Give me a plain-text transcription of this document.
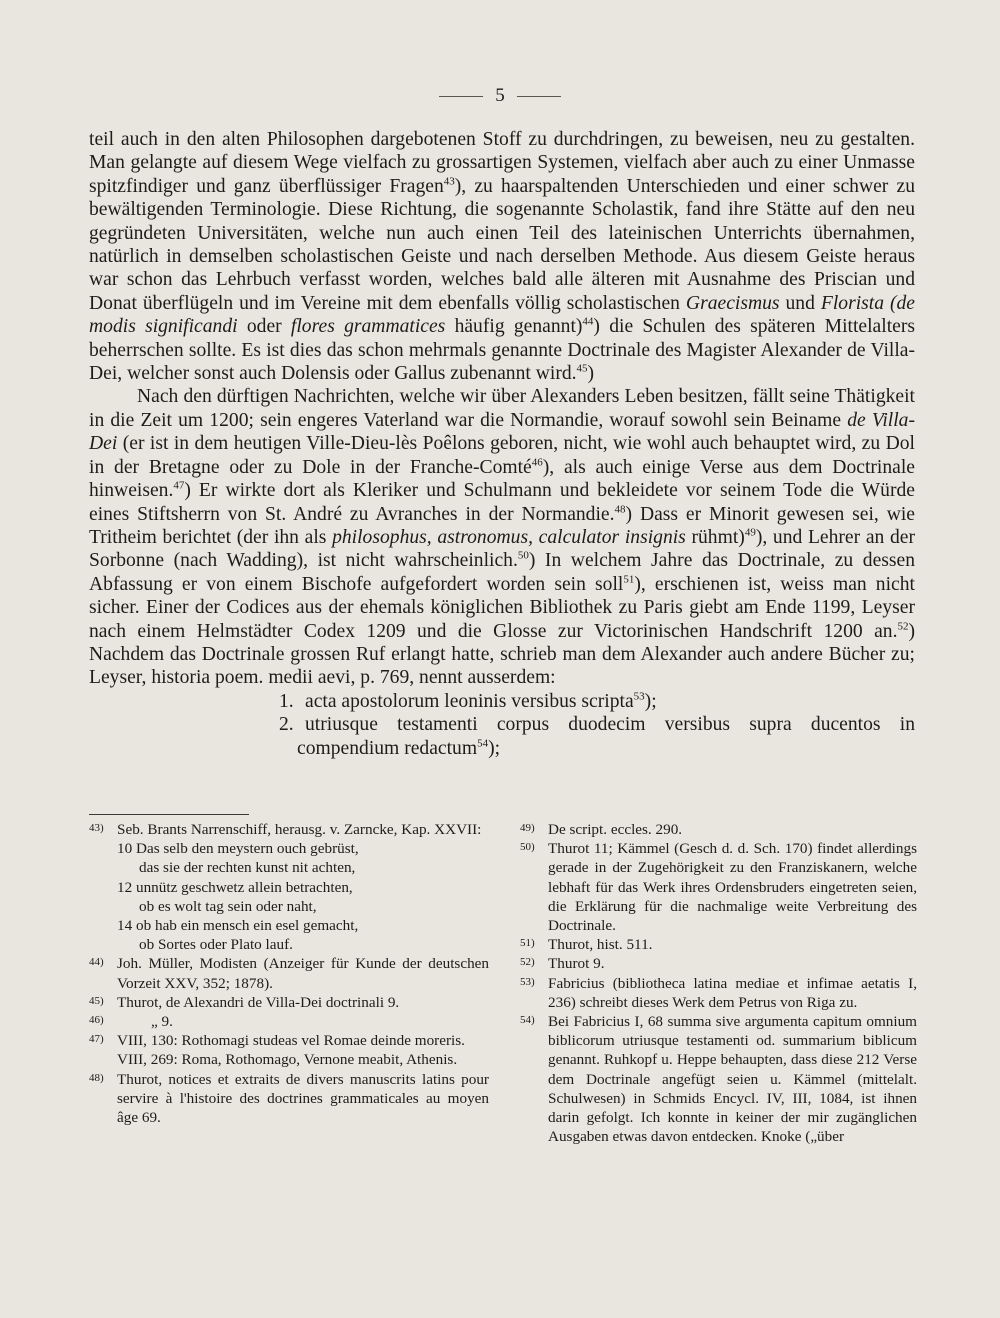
5

teil auch in den alten Philosophen dargebotenen Stoff zu durchdringen, zu beweisen, neu zu gestalten. Man gelangte auf diesem Wege vielfach zu grossartigen Systemen, vielfach aber auch zu einer Unmasse spitzfindiger und ganz überflüssiger Fragen$^{43}$), zu haarspaltenden Unterschieden und einer schwer zu bewältigenden Terminologie. Diese Richtung, die sogenannte Scholastik, fand ihre Stätte auf den neu gegründeten Universitäten, welche nun auch einen Teil des lateinischen Unterrichts übernahmen, natürlich in demselben scholastischen Geiste und nach derselben Methode. Aus diesem Geiste heraus war schon das Lehrbuch verfasst worden, welches bald alle älteren mit Ausnahme des Priscian und Donat überflügeln und im Vereine mit dem ebenfalls völlig scholastischen Graecismus und Florista (de modis significandi oder flores grammatices häufig genannt)$^{44}$) die Schulen des späteren Mittelalters beherrschen sollte. Es ist dies das schon mehrmals genannte Doctrinale des Magister Alexander de Villa-Dei, welcher sonst auch Dolensis oder Gallus zubenannt wird.$^{45}$)

Nach den dürftigen Nachrichten, welche wir über Alexanders Leben besitzen, fällt seine Thätigkeit in die Zeit um 1200; sein engeres Vaterland war die Normandie, worauf sowohl sein Beiname de Villa-Dei (er ist in dem heutigen Ville-Dieu-lès Poêlons geboren, nicht, wie wohl auch behauptet wird, zu Dol in der Bretagne oder zu Dole in der Franche-Comté$^{46}$), als auch einige Verse aus dem Doctrinale hinweisen.$^{47}$) Er wirkte dort als Kleriker und Schulmann und bekleidete vor seinem Tode die Würde eines Stiftsherrn von St. André zu Avranches in der Normandie.$^{48}$) Dass er Minorit gewesen sei, wie Tritheim berichtet (der ihn als philosophus, astronomus, calculator insignis rühmt)$^{49}$), und Lehrer an der Sorbonne (nach Wadding), ist nicht wahrscheinlich.$^{50}$) In welchem Jahre das Doctrinale, zu dessen Abfassung er von einem Bischofe aufgefordert worden sein soll$^{51}$), erschienen ist, weiss man nicht sicher. Einer der Codices aus der ehemals königlichen Bibliothek zu Paris giebt am Ende 1199, Leyser nach einem Helmstädter Codex 1209 und die Glosse zur Victorinischen Handschrift 1200 an.$^{52}$) Nachdem das Doctrinale grossen Ruf erlangt hatte, schrieb man dem Alexander auch andere Bücher zu; Leyser, historia poem. medii aevi, p. 769, nennt ausserdem:

1. acta apostolorum leoninis versibus scripta$^{53}$);
2. utriusque testamenti corpus duodecim versibus supra ducentos in compendium redactum$^{54}$);
43) Seb. Brants Narrenschiff, herausg. v. Zarncke, Kap. XXVII:
10 Das selb den meystern ouch gebrüst,
das sie der rechten kunst nit achten,
12 unnütz geschwetz allein betrachten,
ob es wolt tag sein oder naht,
14 ob hab ein mensch ein esel gemacht,
ob Sortes oder Plato lauf.
44) Joh. Müller, Modisten (Anzeiger für Kunde der deutschen Vorzeit XXV, 352; 1878).
45) Thurot, de Alexandri de Villa-Dei doctrinali 9.
46)	„ 9.
47) VIII, 130: Rothomagi studeas vel Romae deinde moreris.
VIII, 269: Roma, Rothomago, Vernone meabit, Athenis.
48) Thurot, notices et extraits de divers manuscrits latins pour servire à l'histoire des doctrines grammaticales au moyen âge 69.
49) De script. eccles. 290.
50) Thurot 11; Kämmel (Gesch d. d. Sch. 170) findet allerdings gerade in der Zugehörigkeit zu den Franziskanern, welche lebhaft für das Werk ihres Ordensbruders eingetreten seien, die Erklärung für die nachmalige weite Verbreitung des Doctrinale.
51) Thurot, hist. 511.
52) Thurot 9.
53) Fabricius (bibliotheca latina mediae et infimae aetatis I, 236) schreibt dieses Werk dem Petrus von Riga zu.
54) Bei Fabricius I, 68 summa sive argumenta capitum omnium biblicorum utriusque testamenti od. summarium biblicum genannt. Ruhkopf u. Heppe behaupten, dass diese 212 Verse dem Doctrinale angefügt seien u. Kämmel (mittelalt. Schulwesen) in Schmids Encycl. IV, III, 1084, ist ihnen darin gefolgt. Ich konnte in keiner der mir zugänglichen Ausgaben etwas davon entdecken. Knoke („über
